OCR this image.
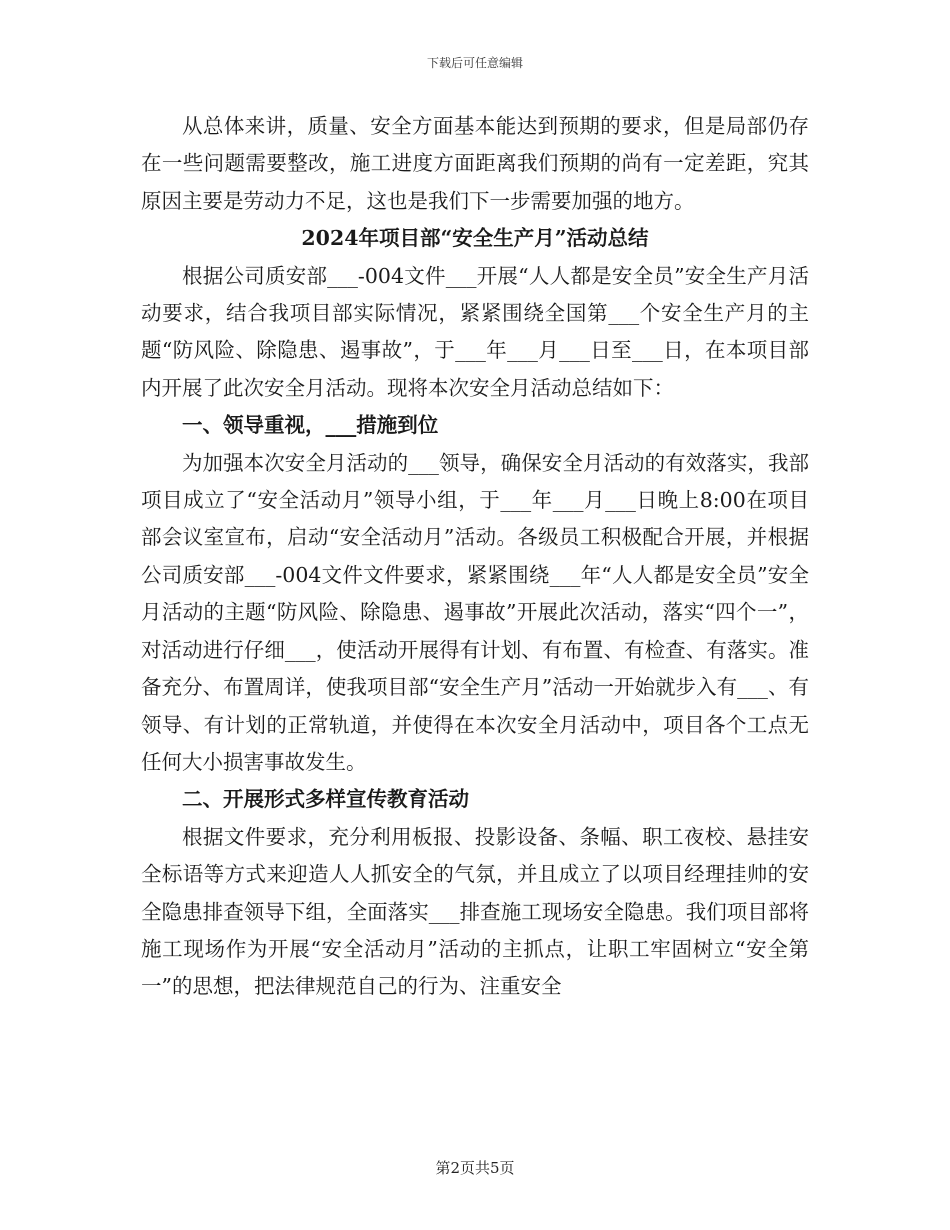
下载后可任意编辑

从总体来讲，质量、安全方面基本能达到预期的要求，但是局部仍存在一些问题需要整改，施工进度方面距离我们预期的尚有一定差距，究其原因主要是劳动力不足，这也是我们下一步需要加强的地方。

2024年项目部“安全生产月”活动总结

根据公司质安部___-004文件___开展“人人都是安全员”安全生产月活动要求，结合我项目部实际情况，紧紧围绕全国第___个安全生产月的主题“防风险、除隐患、遏事故”，于___年___月___日至___日，在本项目部内开展了此次安全月活动。现将本次安全月活动总结如下：

一、领导重视，___措施到位

为加强本次安全月活动的___领导，确保安全月活动的有效落实，我部项目成立了“安全活动月”领导小组，于___年___月___日晚上8:00在项目部会议室宣布，启动“安全活动月”活动。各级员工积极配合开展，并根据公司质安部___-004文件文件要求，紧紧围绕___年“人人都是安全员”安全月活动的主题“防风险、除隐患、遏事故”开展此次活动，落实“四个一”，对活动进行仔细___，使活动开展得有计划、有布置、有检查、有落实。准备充分、布置周详，使我项目部“安全生产月”活动一开始就步入有___、有领导、有计划的正常轨道，并使得在本次安全月活动中，项目各个工点无任何大小损害事故发生。

二、开展形式多样宣传教育活动

根据文件要求，充分利用板报、投影设备、条幅、职工夜校、悬挂安全标语等方式来迎造人人抓安全的气氛，并且成立了以项目经理挂帅的安全隐患排查领导下组，全面落实___排查施工现场安全隐患。我们项目部将施工现场作为开展“安全活动月”活动的主抓点，让职工牢固树立“安全第一”的思想，把法律规范自己的行为、注重安全

第2页共5页
